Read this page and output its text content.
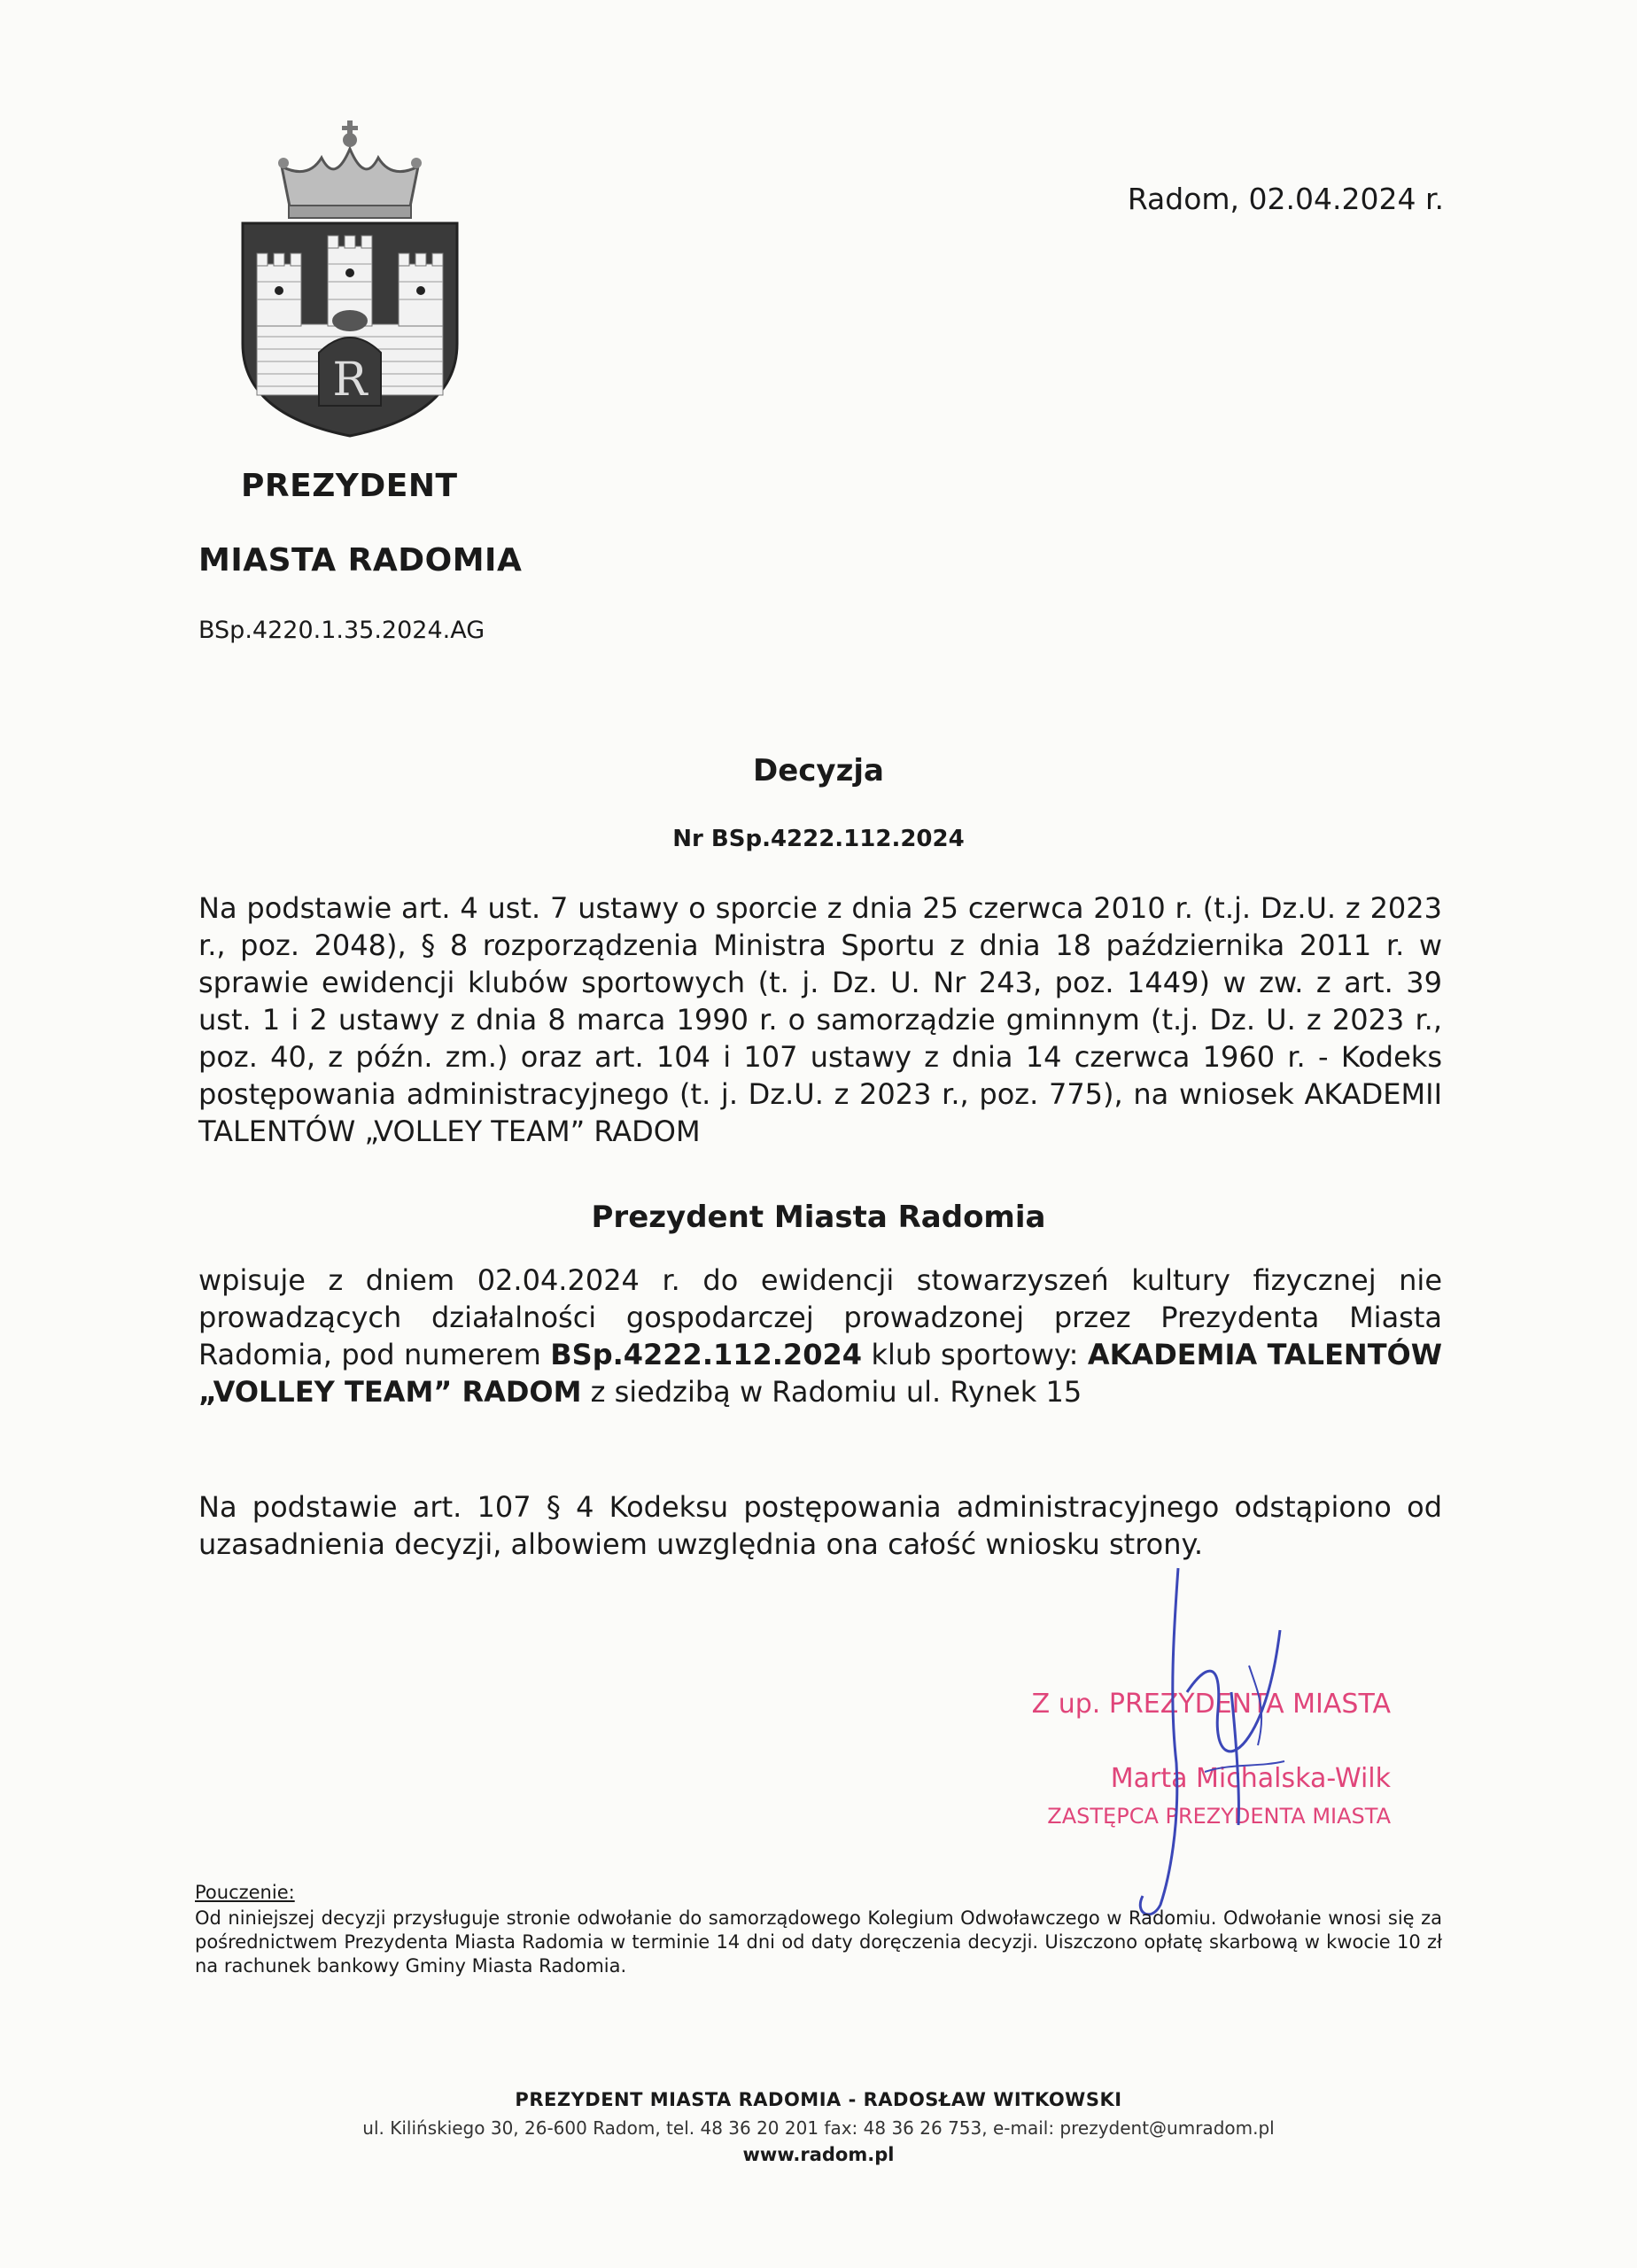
R
PREZYDENT
MIASTA RADOMIA
BSp.4220.1.35.2024.AG
Radom, 02.04.2024 r.
Decyzja
Nr BSp.4222.112.2024
Na podstawie art. 4 ust. 7 ustawy o sporcie z dnia 25 czerwca 2010 r. (t.j. Dz.U. z 2023 r., poz. 2048), § 8 rozporządzenia Ministra Sportu z dnia 18 października 2011 r. w sprawie ewidencji klubów sportowych (t. j. Dz. U. Nr 243, poz. 1449) w zw. z art. 39 ust. 1 i 2 ustawy z dnia 8 marca 1990 r. o samorządzie gminnym (t.j. Dz. U. z 2023 r., poz. 40, z późn. zm.) oraz art. 104 i 107 ustawy z dnia 14 czerwca 1960 r. - Kodeks postępowania administracyjnego (t. j. Dz.U. z 2023 r., poz. 775), na wniosek AKADEMII TALENTÓW „VOLLEY TEAM” RADOM
Prezydent Miasta Radomia
wpisuje z dniem 02.04.2024 r. do ewidencji stowarzyszeń kultury fizycznej nie prowadzących działalności gospodarczej prowadzonej przez Prezydenta Miasta Radomia, pod numerem BSp.4222.112.2024 klub sportowy: AKADEMIA TALENTÓW „VOLLEY TEAM” RADOM z siedzibą w Radomiu ul. Rynek 15
Na podstawie art. 107 § 4 Kodeksu postępowania administracyjnego odstąpiono od uzasadnienia decyzji, albowiem uwzględnia ona całość wniosku strony.
Z up. PREZYDENTA MIASTA
Marta Michalska-Wilk
ZASTĘPCA PREZYDENTA MIASTA
Pouczenie:
Od niniejszej decyzji przysługuje stronie odwołanie do samorządowego Kolegium Odwoławczego w Radomiu. Odwołanie wnosi się za pośrednictwem Prezydenta Miasta Radomia w terminie 14 dni od daty doręczenia decyzji. Uiszczono opłatę skarbową w kwocie 10 zł na rachunek bankowy Gminy Miasta Radomia.
PREZYDENT MIASTA RADOMIA - RADOSŁAW WITKOWSKI
ul. Kilińskiego 30, 26-600 Radom, tel. 48 36 20 201 fax: 48 36 26 753, e-mail: prezydent@umradom.pl
www.radom.pl
